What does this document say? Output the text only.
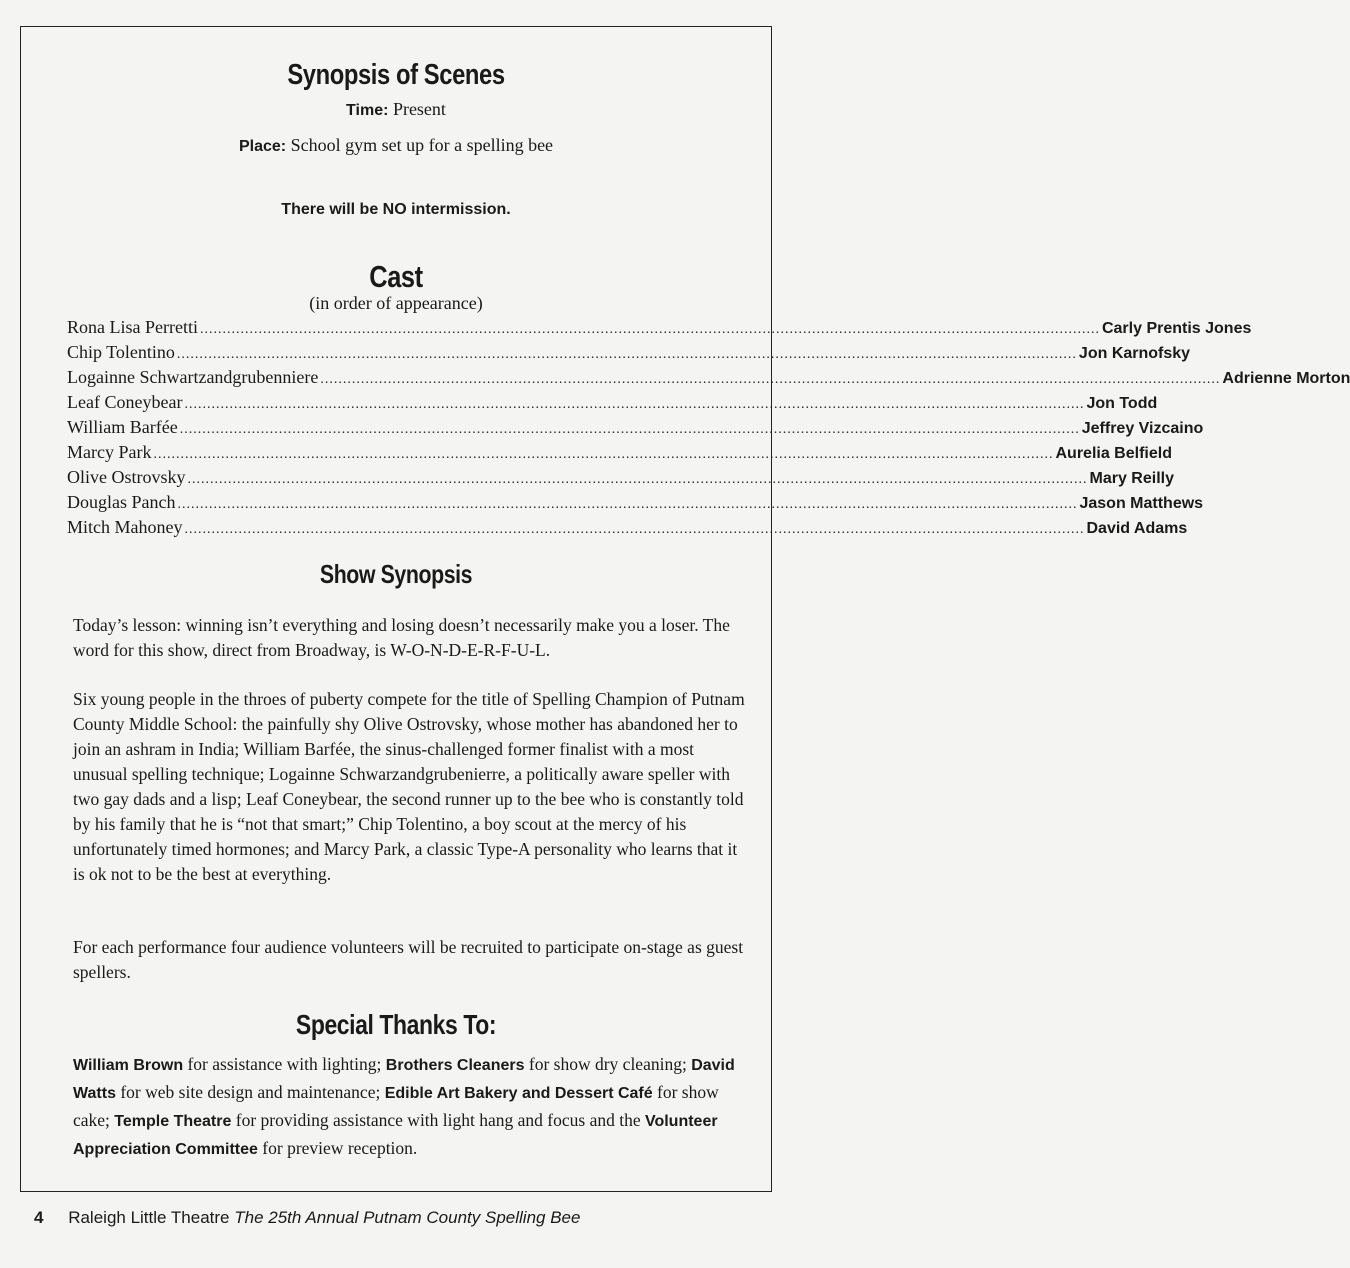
Synopsis of Scenes
Time: Present
Place: School gym set up for a spelling bee
There will be NO intermission.
Cast
(in order of appearance)
Rona Lisa Perretti ........................................................................................................................................................................................................ Carly Prentis Jones
Chip Tolentino ........................................................................................................................................................................................................ Jon Karnofsky
Logainne Schwartzandgrubenniere ........................................................................................................................................................................................................ Adrienne Morton
Leaf Coneybear ........................................................................................................................................................................................................ Jon Todd
William Barfée ........................................................................................................................................................................................................ Jeffrey Vizcaino
Marcy Park ........................................................................................................................................................................................................ Aurelia Belfield
Olive Ostrovsky ........................................................................................................................................................................................................ Mary Reilly
Douglas Panch ........................................................................................................................................................................................................ Jason Matthews
Mitch Mahoney ........................................................................................................................................................................................................ David Adams
Show Synopsis

Today’s lesson: winning isn’t everything and losing doesn’t necessarily make you a loser. The word for this show, direct from Broadway, is W-O-N-D-E-R-F-U-L.

Six young people in the throes of puberty compete for the title of Spelling Champion of Putnam County Middle School: the painfully shy Olive Ostrovsky, whose mother has abandoned her to join an ashram in India; William Barfée, the sinus-challenged former finalist with a most unusual spelling technique; Logainne Schwarzandgrubenierre, a politically aware speller with two gay dads and a lisp; Leaf Coneybear, the second runner up to the bee who is constantly told by his family that he is “not that smart;” Chip Tolentino, a boy scout at the mercy of his unfortunately timed hormones; and Marcy Park, a classic Type-A personality who learns that it is ok not to be the best at everything.

For each performance four audience volunteers will be recruited to participate on-stage as guest spellers.

Special Thanks To:

William Brown for assistance with lighting; Brothers Cleaners for show dry cleaning; David Watts for web site design and maintenance; Edible Art Bakery and Dessert Café for show cake; Temple Theatre for providing assistance with light hang and focus and the Volunteer Appreciation Committee for preview reception.

4 Raleigh Little Theatre The 25th Annual Putnam County Spelling Bee
